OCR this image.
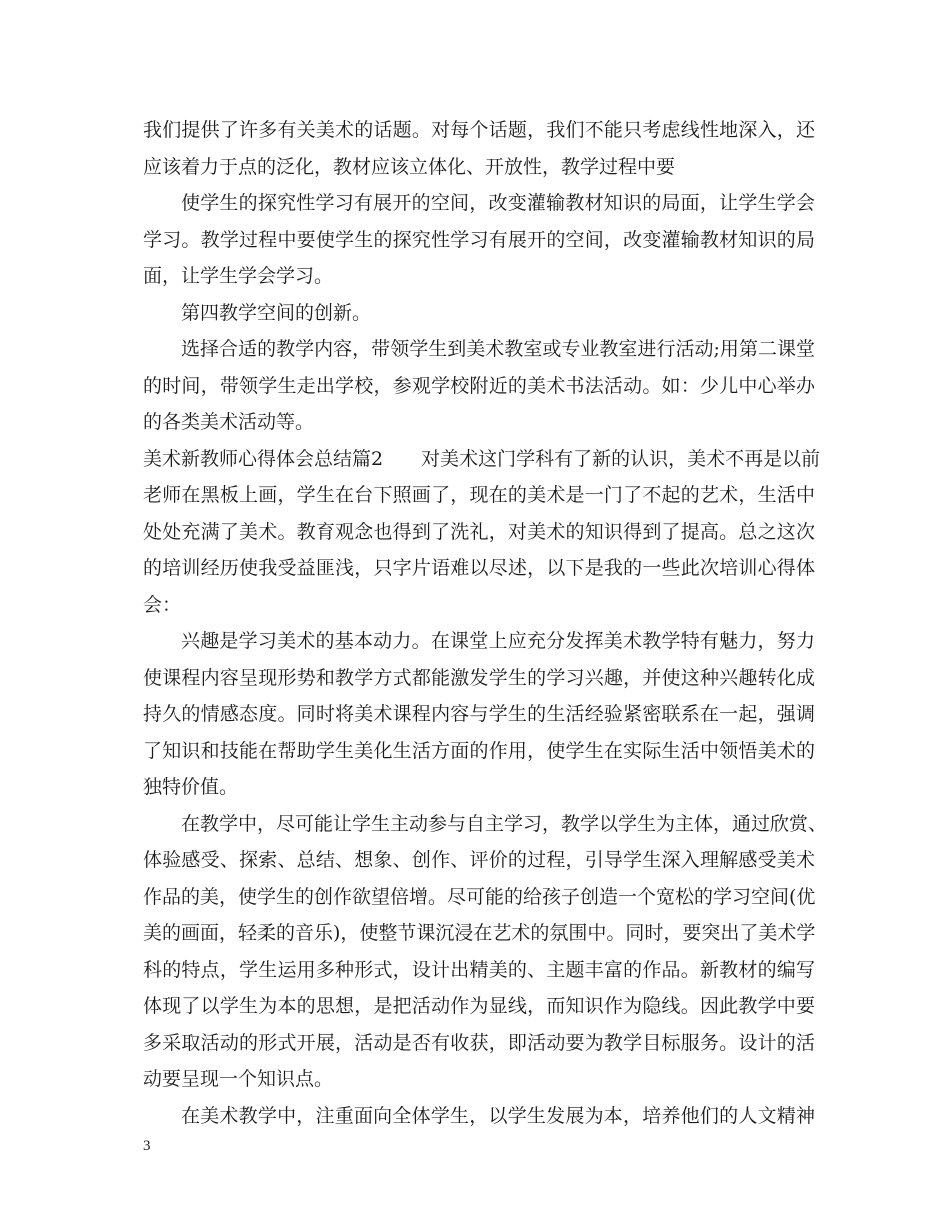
我们提供了许多有关美术的话题。对每个话题，我们不能只考虑线性地深入，还
应该着力于点的泛化，教材应该立体化、开放性，教学过程中要
使学生的探究性学习有展开的空间，改变灌输教材知识的局面，让学生学会
学习。教学过程中要使学生的探究性学习有展开的空间，改变灌输教材知识的局
面，让学生学会学习。
第四教学空间的创新。
选择合适的教学内容，带领学生到美术教室或专业教室进行活动;用第二课堂
的时间，带领学生走出学校，参观学校附近的美术书法活动。如：少儿中心举办
的各类美术活动等。
美术新教师心得体会总结篇2　　对美术这门学科有了新的认识，美术不再是以前
老师在黑板上画，学生在台下照画了，现在的美术是一门了不起的艺术，生活中
处处充满了美术。教育观念也得到了洗礼，对美术的知识得到了提高。总之这次
的培训经历使我受益匪浅，只字片语难以尽述，以下是我的一些此次培训心得体
会：
兴趣是学习美术的基本动力。在课堂上应充分发挥美术教学特有魅力，努力
使课程内容呈现形势和教学方式都能激发学生的学习兴趣，并使这种兴趣转化成
持久的情感态度。同时将美术课程内容与学生的生活经验紧密联系在一起，强调
了知识和技能在帮助学生美化生活方面的作用，使学生在实际生活中领悟美术的
独特价值。
在教学中，尽可能让学生主动参与自主学习，教学以学生为主体，通过欣赏、
体验感受、探索、总结、想象、创作、评价的过程，引导学生深入理解感受美术
作品的美，使学生的创作欲望倍增。尽可能的给孩子创造一个宽松的学习空间(优
美的画面，轻柔的音乐)，使整节课沉浸在艺术的氛围中。同时，要突出了美术学
科的特点，学生运用多种形式，设计出精美的、主题丰富的作品。新教材的编写
体现了以学生为本的思想，是把活动作为显线，而知识作为隐线。因此教学中要
多采取活动的形式开展，活动是否有收获，即活动要为教学目标服务。设计的活
动要呈现一个知识点。
在美术教学中，注重面向全体学生，以学生发展为本，培养他们的人文精神
3
